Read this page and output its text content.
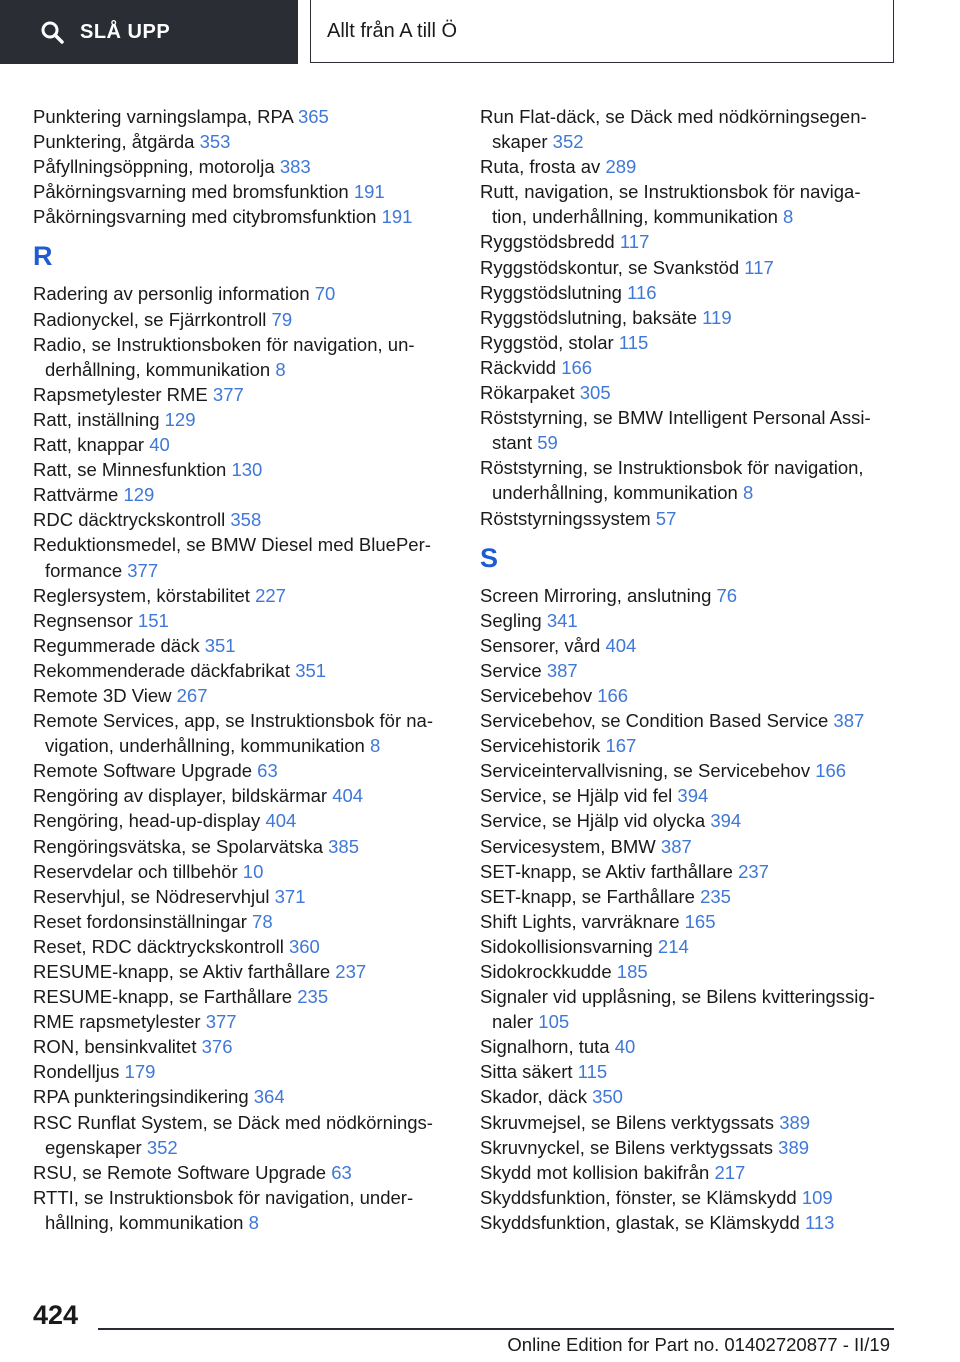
SLÅ UPP	Allt från A till Ö

Punktering varningslampa, RPA 365

Punktering, åtgärda 353

Påfyllningsöppning, motorolja 383

Påkörningsvarning med bromsfunktion 191

Påkörningsvarning med citybromsfunktion 191

R

Radering av personlig information 70

Radionyckel, se Fjärrkontroll 79

Radio, se Instruktionsboken för navigation, un‐derhållning, kommunikation 8

Rapsmetylester RME 377

Ratt, inställning 129

Ratt, knappar 40

Ratt, se Minnesfunktion 130

Rattvärme 129

RDC däcktryckskontroll 358

Reduktionsmedel, se BMW Diesel med BluePer‐formance 377

Reglersystem, körstabilitet 227

Regnsensor 151

Regummerade däck 351

Rekommenderade däckfabrikat 351

Remote 3D View 267

Remote Services, app, se Instruktionsbok för na‐vigation, underhållning, kommunikation 8

Remote Software Upgrade 63

Rengöring av displayer, bildskärmar 404

Rengöring, head-up-display 404

Rengöringsvätska, se Spolarvätska 385

Reservdelar och tillbehör 10

Reservhjul, se Nödreservhjul 371

Reset fordonsinställningar 78

Reset, RDC däcktryckskontroll 360

RESUME-knapp, se Aktiv farthållare 237

RESUME-knapp, se Farthållare 235

RME rapsmetylester 377

RON, bensinkvalitet 376

Rondelljus 179

RPA punkteringsindikering 364

RSC Runflat System, se Däck med nödkörnings‐egenskaper 352

RSU, se Remote Software Upgrade 63

RTTI, se Instruktionsbok för navigation, under‐hållning, kommunikation 8

Run Flat-däck, se Däck med nödkörningsegen‐skaper 352

Ruta, frosta av 289

Rutt, navigation, se Instruktionsbok för naviga‐tion, underhållning, kommunikation 8

Ryggstödsbredd 117

Ryggstödskontur, se Svankstöd 117

Ryggstödslutning 116

Ryggstödslutning, baksäte 119

Ryggstöd, stolar 115

Räckvidd 166

Rökarpaket 305

Röststyrning, se BMW Intelligent Personal Assi‐stant 59

Röststyrning, se Instruktionsbok för navigation, underhållning, kommunikation 8

Röststyrningssystem 57

S

Screen Mirroring, anslutning 76

Segling 341

Sensorer, vård 404

Service 387

Servicebehov 166

Servicebehov, se Condition Based Service 387

Servicehistorik 167

Serviceintervallvisning, se Servicebehov 166

Service, se Hjälp vid fel 394

Service, se Hjälp vid olycka 394

Servicesystem, BMW 387

SET-knapp, se Aktiv farthållare 237

SET-knapp, se Farthållare 235

Shift Lights, varvräknare 165

Sidokollisionsvarning 214

Sidokrockkudde 185

Signaler vid upplåsning, se Bilens kvitteringssig‐naler 105

Signalhorn, tuta 40

Sitta säkert 115

Skador, däck 350

Skruvmejsel, se Bilens verktygssats 389

Skruvnyckel, se Bilens verktygssats 389

Skydd mot kollision bakifrån 217

Skyddsfunktion, fönster, se Klämskydd 109

Skyddsfunktion, glastak, se Klämskydd 113

424
Online Edition for Part no. 01402720877 - II/19
